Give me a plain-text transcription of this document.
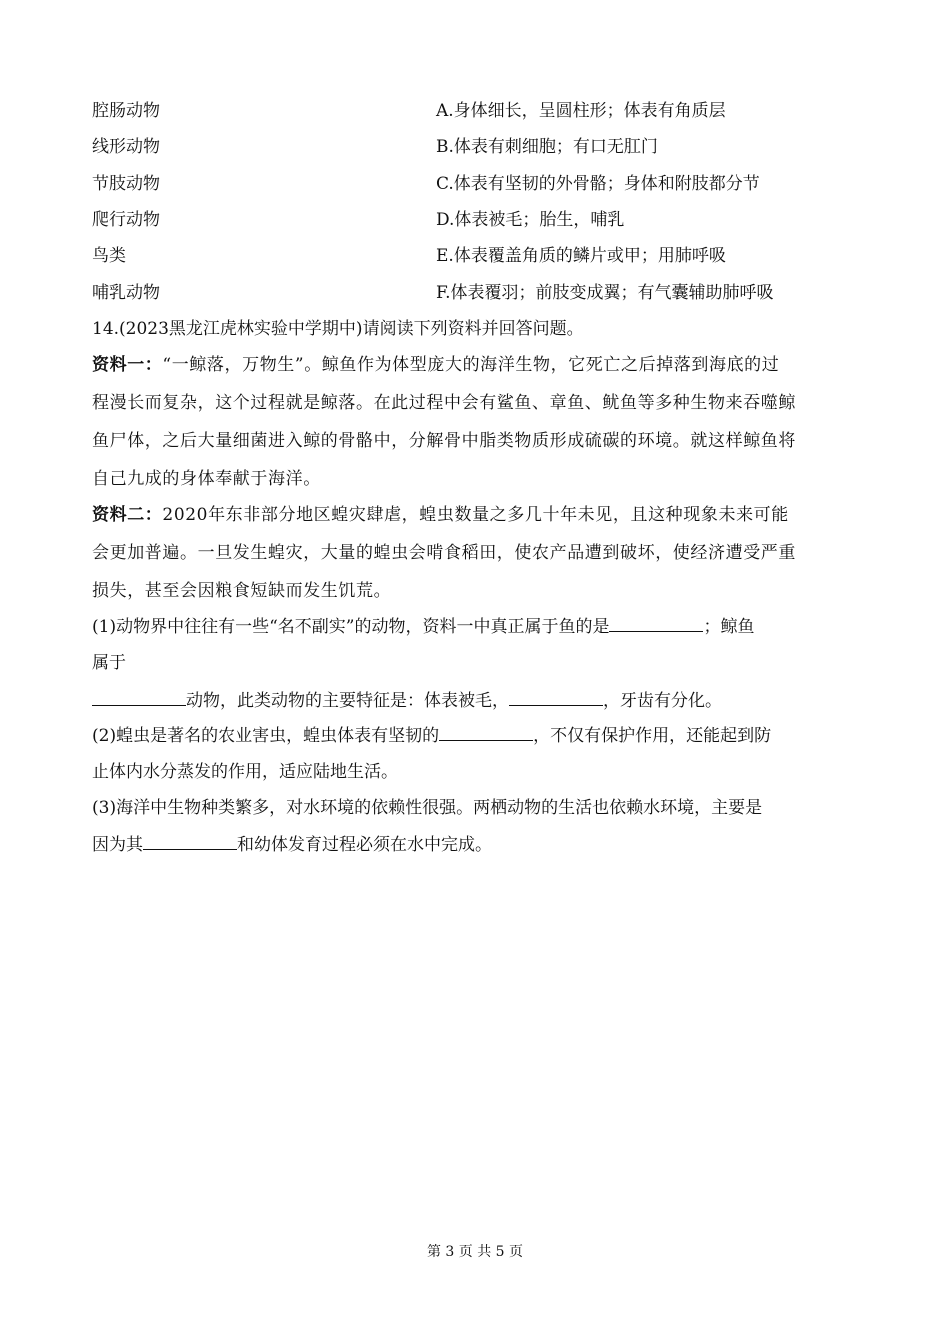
腔肠动物	A.身体细长，呈圆柱形；体表有角质层
线形动物	B.体表有刺细胞；有口无肛门
节肢动物	C.体表有坚韧的外骨骼；身体和附肢都分节
爬行动物	D.体表被毛；胎生，哺乳
鸟类	E.体表覆盖角质的鳞片或甲；用肺呼吸
哺乳动物	F.体表覆羽；前肢变成翼；有气囊辅助肺呼吸
14.(2023黑龙江虎林实验中学期中)请阅读下列资料并回答问题。
资料一：“一鲸落，万物生”。鲸鱼作为体型庞大的海洋生物，它死亡之后掉落到海底的过
程漫长而复杂，这个过程就是鲸落。在此过程中会有鲨鱼、章鱼、鱿鱼等多种生物来吞噬鲸
鱼尸体，之后大量细菌进入鲸的骨骼中，分解骨中脂类物质形成硫碳的环境。就这样鲸鱼将
自己九成的身体奉献于海洋。
资料二：2020年东非部分地区蝗灾肆虐，蝗虫数量之多几十年未见，且这种现象未来可能
会更加普遍。一旦发生蝗灾，大量的蝗虫会啃食稻田，使农产品遭到破坏，使经济遭受严重
损失，甚至会因粮食短缺而发生饥荒。
(1)动物界中往往有一些“名不副实”的动物，资料一中真正属于鱼的是	；鲸鱼
属于
动物，此类动物的主要特征是：体表被毛，	，牙齿有分化。
(2)蝗虫是著名的农业害虫，蝗虫体表有坚韧的	，不仅有保护作用，还能起到防
止体内水分蒸发的作用，适应陆地生活。
(3)海洋中生物种类繁多，对水环境的依赖性很强。两栖动物的生活也依赖水环境，主要是
因为其	和幼体发育过程必须在水中完成。
第 3 页 共 5 页
